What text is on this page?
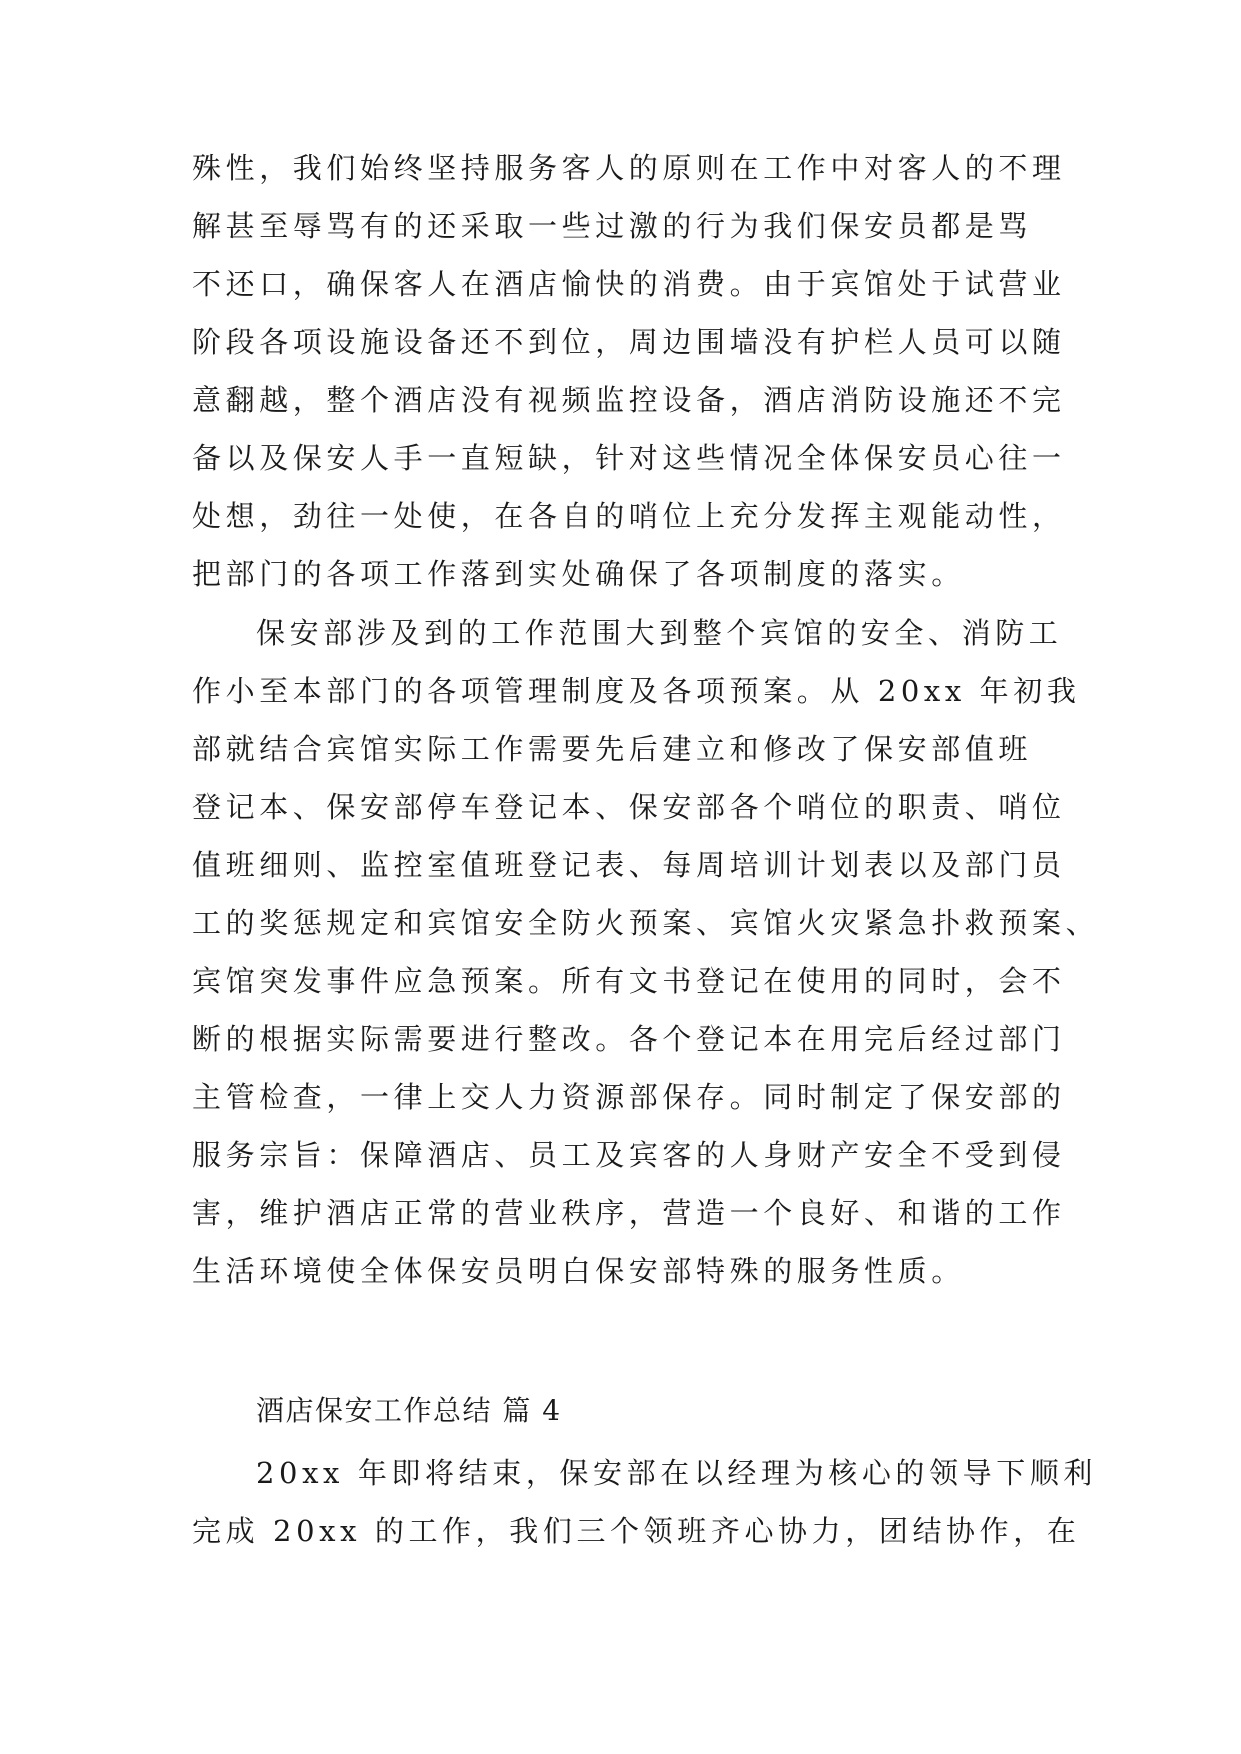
殊性，我们始终坚持服务客人的原则在工作中对客人的不理
解甚至辱骂有的还采取一些过激的行为我们保安员都是骂
不还口，确保客人在酒店愉快的消费。由于宾馆处于试营业
阶段各项设施设备还不到位，周边围墙没有护栏人员可以随
意翻越，整个酒店没有视频监控设备，酒店消防设施还不完
备以及保安人手一直短缺，针对这些情况全体保安员心往一
处想，劲往一处使，在各自的哨位上充分发挥主观能动性，
把部门的各项工作落到实处确保了各项制度的落实。
保安部涉及到的工作范围大到整个宾馆的安全、消防工
作小至本部门的各项管理制度及各项预案。从 20xx 年初我
部就结合宾馆实际工作需要先后建立和修改了保安部值班
登记本、保安部停车登记本、保安部各个哨位的职责、哨位
值班细则、监控室值班登记表、每周培训计划表以及部门员
工的奖惩规定和宾馆安全防火预案、宾馆火灾紧急扑救预案、
宾馆突发事件应急预案。所有文书登记在使用的同时，会不
断的根据实际需要进行整改。各个登记本在用完后经过部门
主管检查，一律上交人力资源部保存。同时制定了保安部的
服务宗旨：保障酒店、员工及宾客的人身财产安全不受到侵
害，维护酒店正常的营业秩序，营造一个良好、和谐的工作
生活环境使全体保安员明白保安部特殊的服务性质。
酒店保安工作总结 篇 4
20xx 年即将结束，保安部在以经理为核心的领导下顺利
完成 20xx 的工作，我们三个领班齐心协力，团结协作，在
